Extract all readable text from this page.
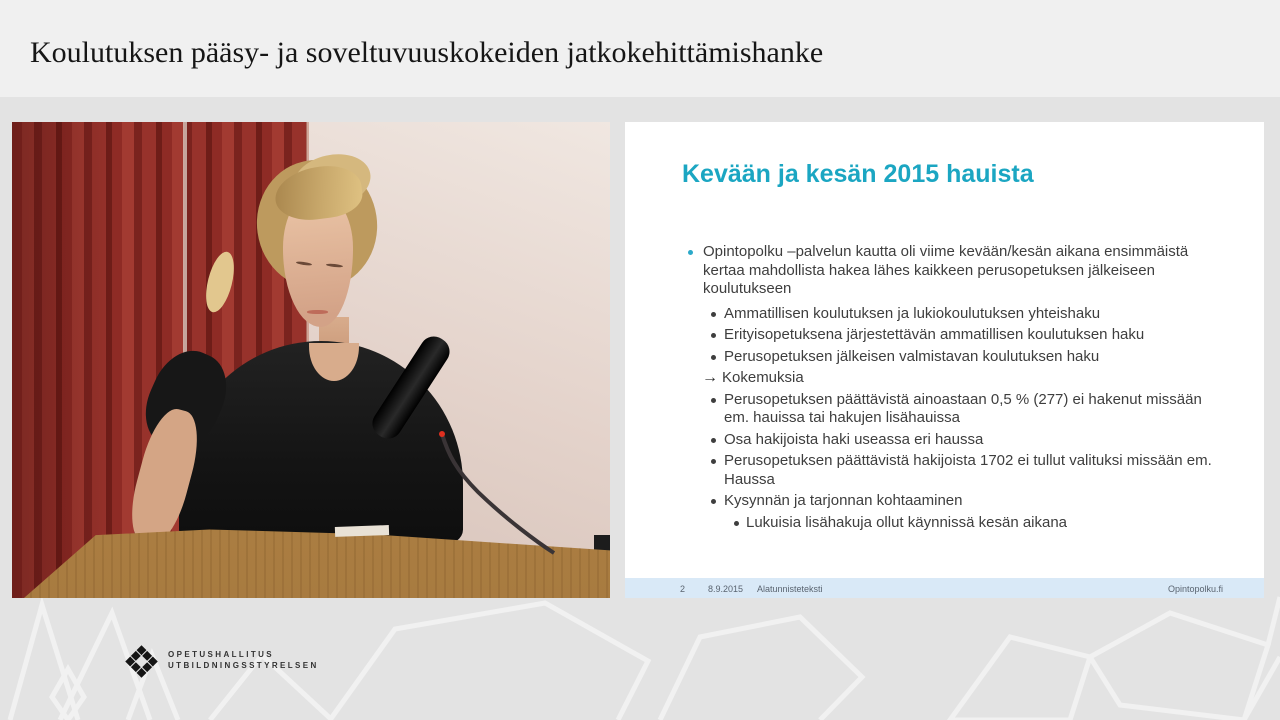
Koulutuksen pääsy- ja soveltuvuuskokeiden jatkokehittämishanke
Kevään ja kesän 2015 hauista
Opintopolku –palvelun kautta oli viime kevään/kesän aikana ensimmäistä kertaa mahdollista hakea lähes kaikkeen perusopetuksen jälkeiseen koulutukseen
Ammatillisen koulutuksen ja lukiokoulutuksen yhteishaku
Erityisopetuksena järjestettävän ammatillisen koulutuksen haku
Perusopetuksen jälkeisen valmistavan koulutuksen haku
→
Kokemuksia
Perusopetuksen päättävistä ainoastaan 0,5 % (277) ei hakenut missään em. hauissa tai hakujen lisähauissa
Osa hakijoista haki useassa eri haussa
Perusopetuksen päättävistä hakijoista 1702 ei tullut valituksi missään em. Haussa
Kysynnän ja tarjonnan kohtaaminen
Lukuisia lisähakuja ollut käynnissä kesän aikana
2	8.9.2015 Alatunnisteteksti	Opintopolku.fi
OPETUSHALLITUS
UTBILDNINGSSTYRELSEN
